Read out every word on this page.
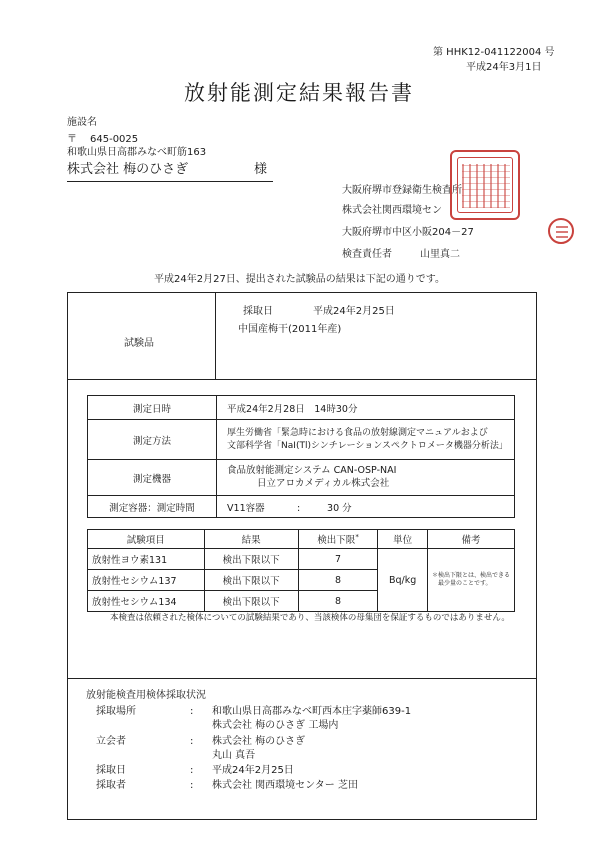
第 HHK12-041122004 号
平成24年3月1日
放射能測定結果報告書
施設名
〒 645-0025
和歌山県日高郡みなべ町筋163
株式会社 梅のひさぎ	様
大阪府堺市登録衛生検査所
株式会社関西環境セン
大阪府堺市中区小阪204－27
検査責任者	山里真二
平成24年2月27日、提出された試験品の結果は下記の通りです。
試験品
採取日	平成24年2月25日
中国産梅干(2011年産)
測定日時	平成24年2月28日　14時30分
測定方法	厚生労働省「緊急時における食品の放射線測定マニュアルおよび
文部科学省「NaI(Tl)シンチレーションスペクトロメータ機器分析法」

測定機器	食品放射能測定システム CAN-OSP-NAI
日立アロカメディカル株式会社

測定容器：測定時間	V11容器 : 30 分
試験項目	結果	検出下限*	単位	備考
放射性ヨウ素131	検出下限以下	7	Bq/kg	＊検出下限とは、検出できる
最少量のことです。

放射性セシウム137	検出下限以下	8		
放射性セシウム134	検出下限以下	8		
本検査は依頼された検体についての試験結果であり、当該検体の母集団を保証するものではありません。
放射能検査用検体採取状況
採取場所	: 和歌山県日高郡みなべ町西本庄字薬師639-1
株式会社 梅のひさぎ 工場内
立会者	: 株式会社 梅のひさぎ
丸山 真吾
採取日	: 平成24年2月25日
採取者	: 株式会社 関西環境センター 芝田
